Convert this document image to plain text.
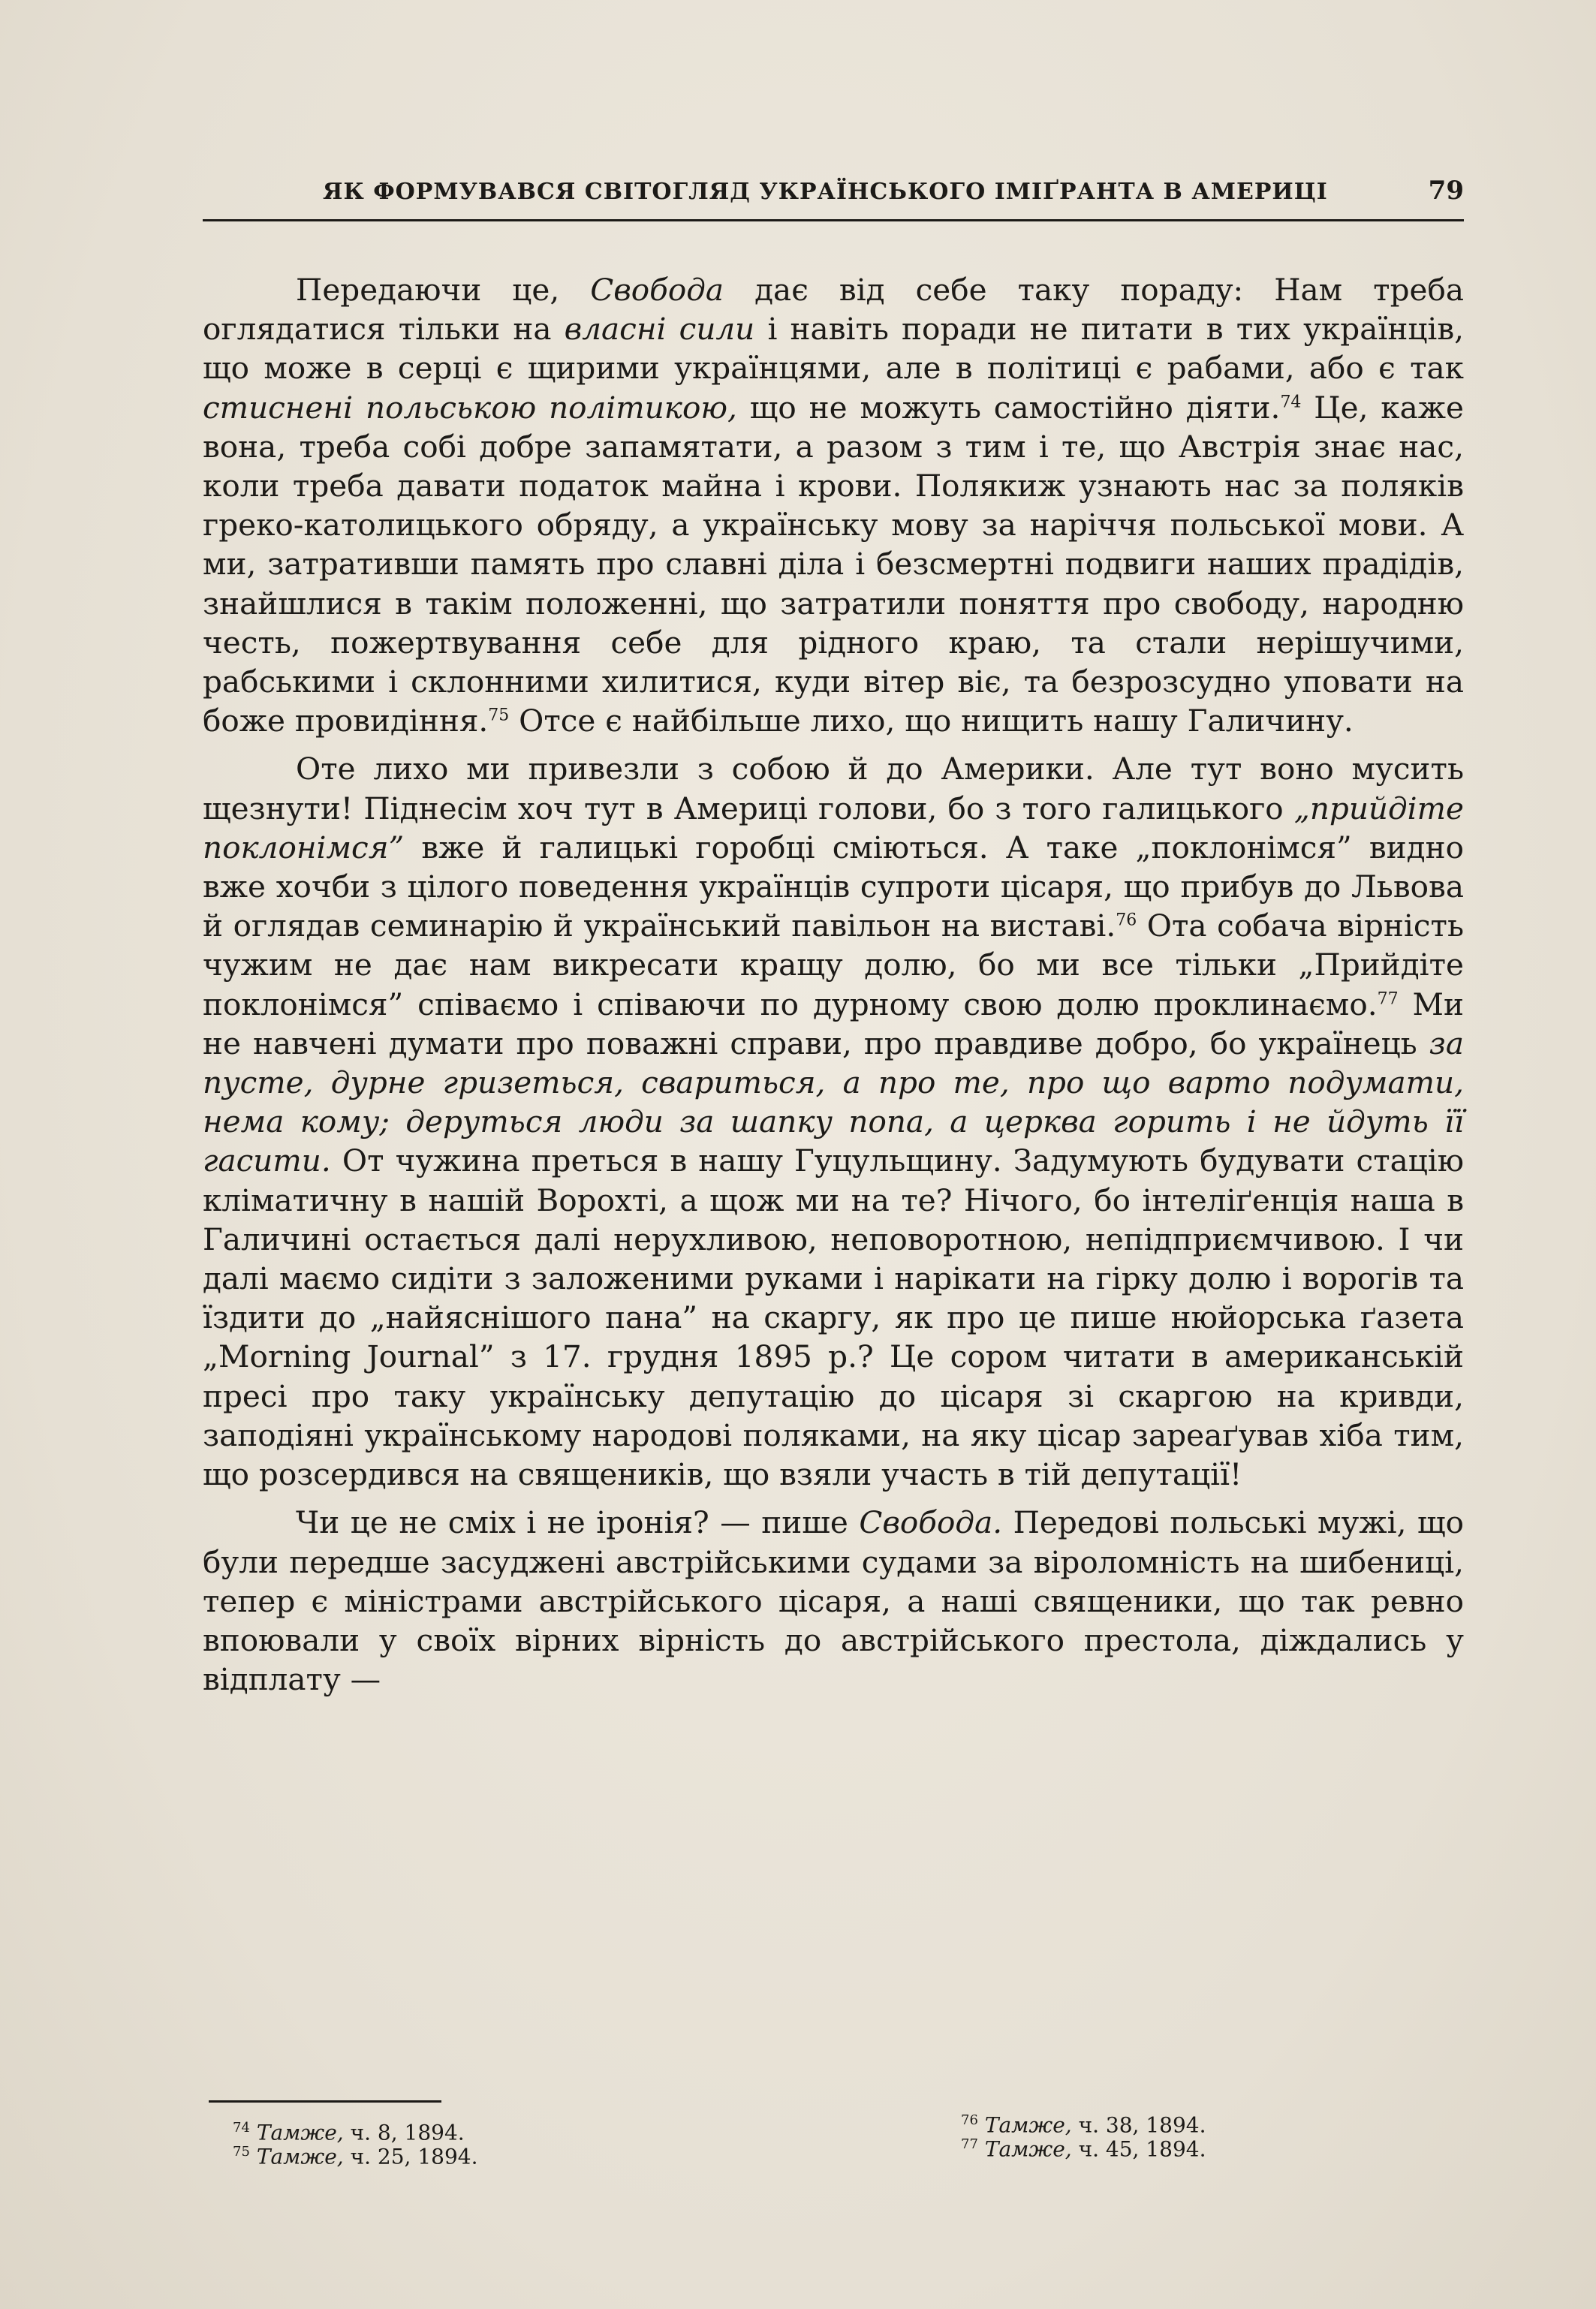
ЯК ФОРМУВАВСЯ СВІТОГЛЯД УКРАЇНСЬКОГО ІМІҐРАНТА В АМЕРИЦІ	79

Передаючи це, Свобода дає від себе таку пораду: Нам треба оглядатися тільки на власні сили і навіть поради не питати в тих українців, що може в серці є щирими українцями, але в політиці є рабами, або є так стиснені польською політикою, що не можуть самостійно діяти.$^{74}$ Це, каже вона, треба собі добре запамятати, а разом з тим і те, що Австрія знає нас, коли треба давати податок майна і крови. Полякиж узнають нас за поляків греко-католицького обряду, а українську мову за наріччя польської мови. А ми, затративши память про славні діла і безсмертні подвиги наших прадідів, знайшлися в такім положенні, що затратили поняття про свободу, народню честь, пожертвування себе для рідного краю, та стали нерішучими, рабськими і склонними хилитися, куди вітер віє, та безрозсудно уповати на боже провидіння.$^{75}$ Отсе є найбільше лихо, що нищить нашу Галичину.

Оте лихо ми привезли з собою й до Америки. Але тут воно мусить щезнути! Піднесім хоч тут в Америці голови, бо з того галицького „прийдіте поклонімся” вже й галицькі горобці сміються. А таке „поклонімся” видно вже хочби з цілого поведення українців супроти цісаря, що прибув до Львова й оглядав семинарію й український павільон на виставі.$^{76}$ Ота собача вірність чужим не дає нам викресати кращу долю, бо ми все тільки „Прийдіте поклонімся” співаємо і співаючи по дурному свою долю проклинаємо.$^{77}$ Ми не навчені думати про поважні справи, про правдиве добро, бо українець за пусте, дурне гризеться, свариться, а про те, про що варто подумати, нема кому; деруться люди за шапку попа, а церква горить і не йдуть її гасити. От чужина преться в нашу Гуцульщину. Задумують будувати стацію кліматичну в нашій Ворохті, а щож ми на те? Нічого, бо інтеліґенція наша в Галичині остається далі нерухливою, неповоротною, непідприємчивою. І чи далі маємо сидіти з заложеними руками і нарікати на гірку долю і ворогів та їздити до „найяснішого пана” на скаргу, як про це пише нюйорська ґазета „Morning Journal” з 17. грудня 1895 р.? Це сором читати в американській пресі про таку українську депутацію до цісаря зі скаргою на кривди, заподіяні українському народові поляками, на яку цісар зареаґував хіба тим, що розсердився на священиків, що взяли участь в тій депутації!

Чи це не сміх і не іронія? — пише Свобода. Передові польські мужі, що були передше засуджені австрійськими судами за віроломність на шибениці, тепер є міністрами австрійського цісаря, а наші священики, що так ревно впоювали у своїх вірних вірність до австрійського престола, діждались у відплату —

$^{74}$ Тамже, ч. 8, 1894.
$^{75}$ Тамже, ч. 25, 1894.
$^{76}$ Тамже, ч. 38, 1894.
$^{77}$ Тамже, ч. 45, 1894.
